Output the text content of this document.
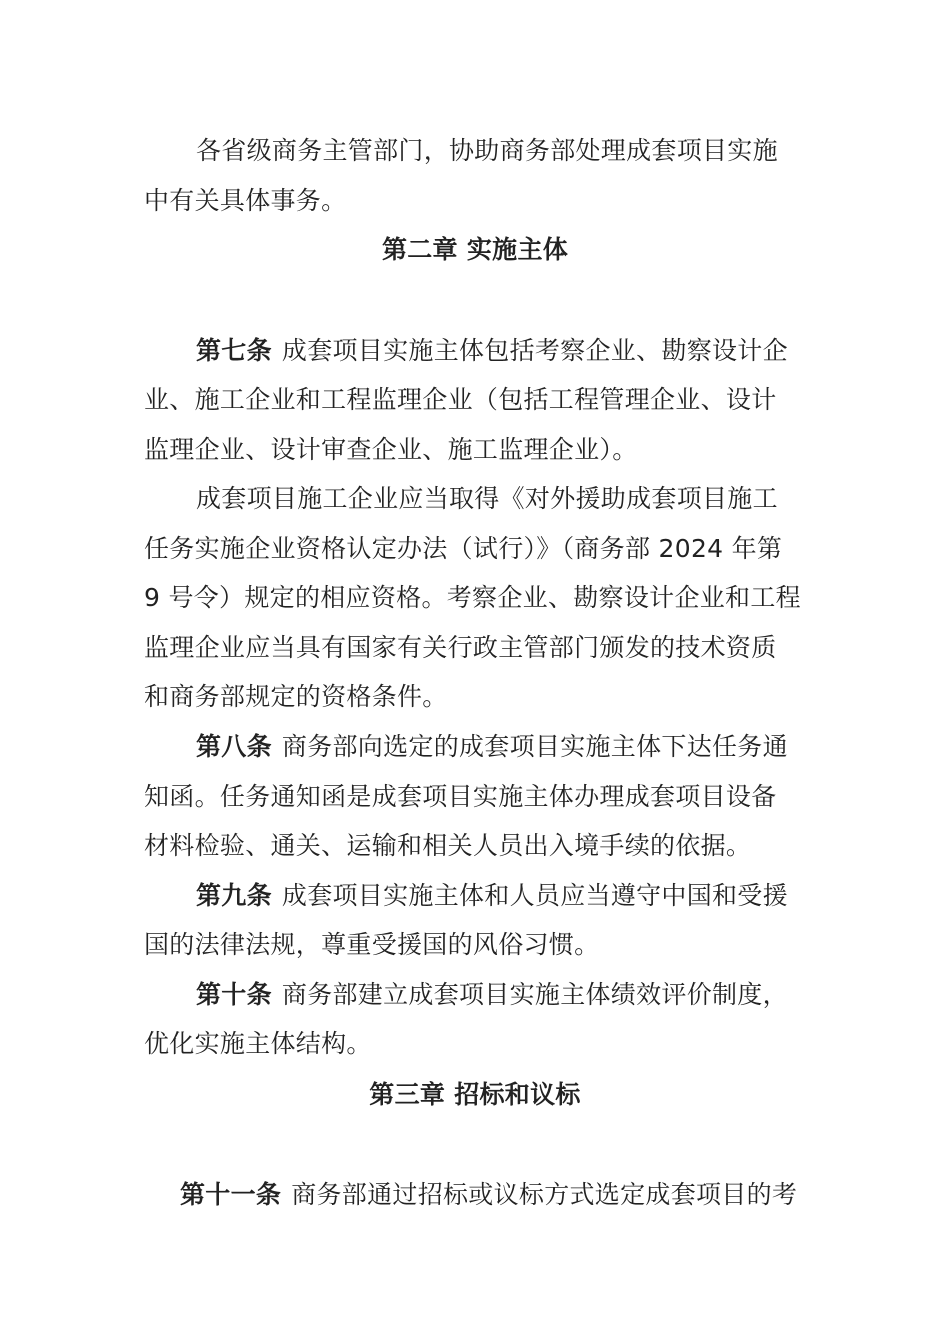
各省级商务主管部门，协助商务部处理成套项目实施
中有关具体事务。
第二章 实施主体
第七条 成套项目实施主体包括考察企业、勘察设计企
业、施工企业和工程监理企业（包括工程管理企业、设计
监理企业、设计审查企业、施工监理企业）。
成套项目施工企业应当取得《对外援助成套项目施工
任务实施企业资格认定办法（试行）》（商务部 2024 年第
9 号令）规定的相应资格。考察企业、勘察设计企业和工程
监理企业应当具有国家有关行政主管部门颁发的技术资质
和商务部规定的资格条件。
第八条 商务部向选定的成套项目实施主体下达任务通
知函。任务通知函是成套项目实施主体办理成套项目设备
材料检验、通关、运输和相关人员出入境手续的依据。
第九条 成套项目实施主体和人员应当遵守中国和受援
国的法律法规，尊重受援国的风俗习惯。
第十条 商务部建立成套项目实施主体绩效评价制度，
优化实施主体结构。
第三章 招标和议标
第十一条 商务部通过招标或议标方式选定成套项目的考
